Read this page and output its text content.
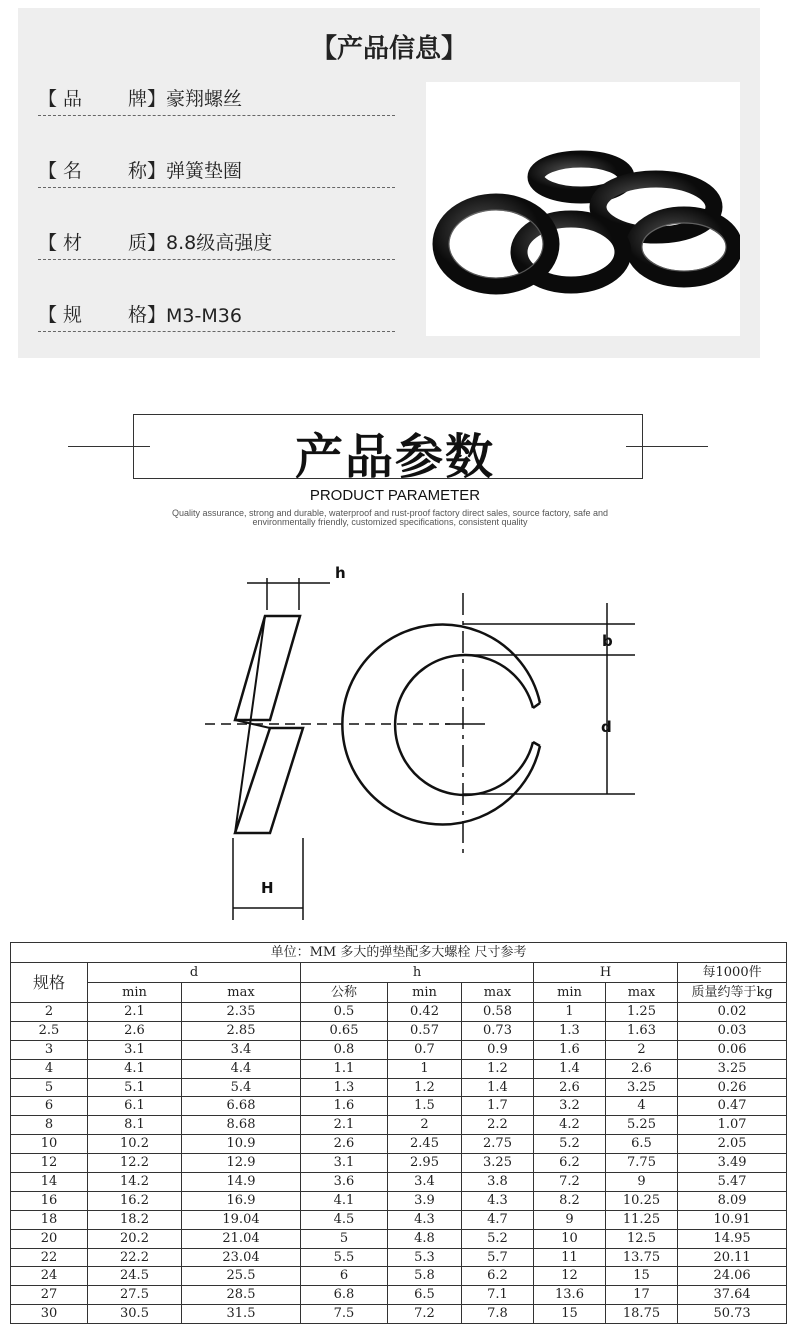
【产品信息】
【 品 牌】 豪翔螺丝
【 名 称】 弹簧垫圈
【 材 质】 8.8级高强度
【 规 格】 M3-M36
产品参数
PRODUCT PARAMETER
Quality assurance, strong and durable, waterproof and rust-proof factory direct sales, source factory, safe and environmentally friendly, customized specifications, consistent quality
h
H
b
d
单位：MM 多大的弹垫配多大螺栓 尺寸参考								
规格	d		h			H		每1000件
	min	max	公称	min	max	min	max	质量约等于kg
2	2.1	2.35	0.5	0.42	0.58	1	1.25	0.02
2.5	2.6	2.85	0.65	0.57	0.73	1.3	1.63	0.03
3	3.1	3.4	0.8	0.7	0.9	1.6	2	0.06
4	4.1	4.4	1.1	1	1.2	1.4	2.6	3.25
5	5.1	5.4	1.3	1.2	1.4	2.6	3.25	0.26
6	6.1	6.68	1.6	1.5	1.7	3.2	4	0.47
8	8.1	8.68	2.1	2	2.2	4.2	5.25	1.07
10	10.2	10.9	2.6	2.45	2.75	5.2	6.5	2.05
12	12.2	12.9	3.1	2.95	3.25	6.2	7.75	3.49
14	14.2	14.9	3.6	3.4	3.8	7.2	9	5.47
16	16.2	16.9	4.1	3.9	4.3	8.2	10.25	8.09
18	18.2	19.04	4.5	4.3	4.7	9	11.25	10.91
20	20.2	21.04	5	4.8	5.2	10	12.5	14.95
22	22.2	23.04	5.5	5.3	5.7	11	13.75	20.11
24	24.5	25.5	6	5.8	6.2	12	15	24.06
27	27.5	28.5	6.8	6.5	7.1	13.6	17	37.64
30	30.5	31.5	7.5	7.2	7.8	15	18.75	50.73
